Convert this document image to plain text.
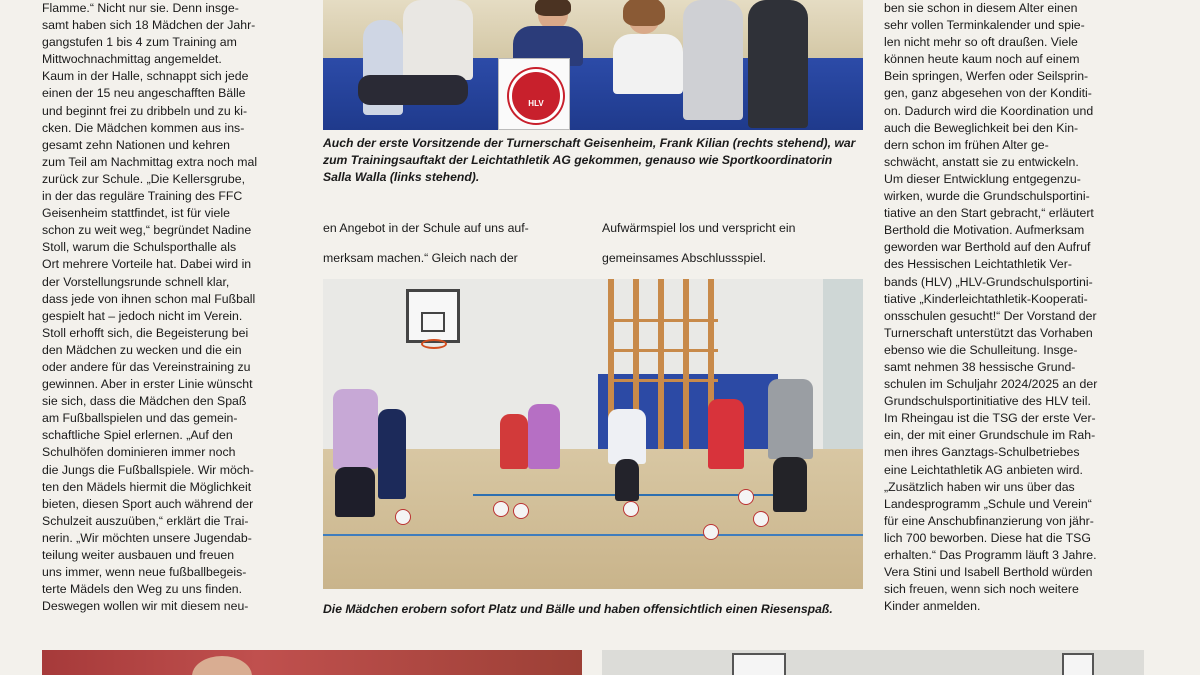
Flamme.“ Nicht nur sie. Denn insge-

samt haben sich 18 Mädchen der Jahr-

gangstufen 1 bis 4 zum Training am

Mittwochnachmittag angemeldet.

Kaum in der Halle, schnappt sich jede

einen der 15 neu angeschafften Bälle

und beginnt frei zu dribbeln und zu ki-

cken. Die Mädchen kommen aus ins-

gesamt zehn Nationen und kehren

zum Teil am Nachmittag extra noch mal

zurück zur Schule. „Die Kellersgrube,

in der das reguläre Training des FFC

Geisenheim stattfindet, ist für viele

schon zu weit weg,“ begründet Nadine

Stoll, warum die Schulsporthalle als

Ort mehrere Vorteile hat. Dabei wird in

der Vorstellungsrunde schnell klar,

dass jede von ihnen schon mal Fußball

gespielt hat – jedoch nicht im Verein.

Stoll erhofft sich, die Begeisterung bei

den Mädchen zu wecken und die ein

oder andere für das Vereinstraining zu

gewinnen. Aber in erster Linie wünscht

sie sich, dass die Mädchen den Spaß

am Fußballspielen und das gemein-

schaftliche Spiel erlernen. „Auf den

Schulhöfen dominieren immer noch

die Jungs die Fußballspiele. Wir möch-

ten den Mädels hiermit die Möglichkeit

bieten, diesen Sport auch während der

Schulzeit auszuüben,“ erklärt die Trai-

nerin. „Wir möchten unsere Jugendab-

teilung weiter ausbauen und freuen

uns immer, wenn neue fußballbegeis-

terte Mädels den Weg zu uns finden.

Deswegen wollen wir mit diesem neu-

HLV
Auch der erste Vorsitzende der Turnerschaft Geisenheim, Frank Kilian (rechts stehend), war zum Trainingsauftakt der Leichtathletik AG gekommen, genauso wie Sportkoordinatorin Salla Walla (links stehend).

en Angebot in der Schule auf uns auf-

merksam machen.“ Gleich nach der

Aufwärmspiel los und verspricht ein

gemeinsames Abschlussspiel.

Die Mädchen erobern sofort Platz und Bälle und haben offensichtlich einen Riesenspaß.

ben sie schon in diesem Alter einen

sehr vollen Terminkalender und spie-

len nicht mehr so oft draußen. Viele

können heute kaum noch auf einem

Bein springen, Werfen oder Seilsprin-

gen, ganz abgesehen von der Konditi-

on. Dadurch wird die Koordination und

auch die Beweglichkeit bei den Kin-

dern schon im frühen Alter ge-

schwächt, anstatt sie zu entwickeln.

Um dieser Entwicklung entgegenzu-

wirken, wurde die Grundschulsportini-

tiative an den Start gebracht,“ erläutert

Berthold die Motivation. Aufmerksam

geworden war Berthold auf den Aufruf

des Hessischen Leichtathletik Ver-

bands (HLV) „HLV-Grundschulsportini-

tiative „Kinderleichtathletik-Kooperati-

onsschulen gesucht!“ Der Vorstand der

Turnerschaft unterstützt das Vorhaben

ebenso wie die Schulleitung. Insge-

samt nehmen 38 hessische Grund-

schulen im Schuljahr 2024/2025 an der

Grundschulsportinitiative des HLV teil.

Im Rheingau ist die TSG der erste Ver-

ein, der mit einer Grundschule im Rah-

men ihres Ganztags-Schulbetriebes

eine Leichtathletik AG anbieten wird.

„Zusätzlich haben wir uns über das

Landesprogramm „Schule und Verein“

für eine Anschubfinanzierung von jähr-

lich 700 beworben. Diese hat die TSG

erhalten.“ Das Programm läuft 3 Jahre.

Vera Stini und Isabell Berthold würden

sich freuen, wenn sich noch weitere

Kinder anmelden.
